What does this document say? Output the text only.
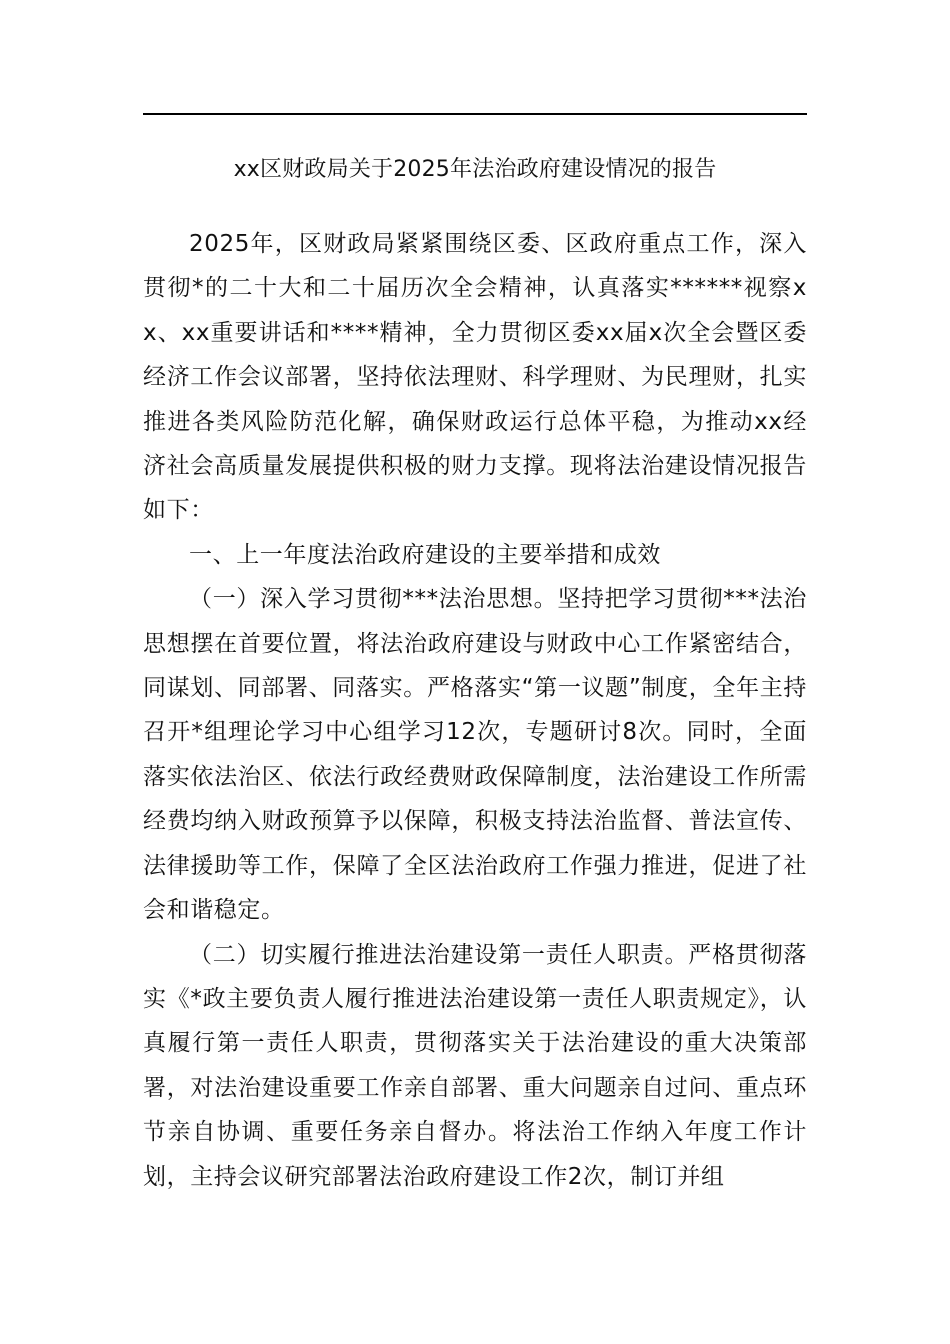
xx区财政局关于2025年法治政府建设情况的报告

2025年，区财政局紧紧围绕区委、区政府重点工作，深入贯彻*的二十大和二十届历次全会精神，认真落实******视察xx、xx重要讲话和****精神，全力贯彻区委xx届x次全会暨区委经济工作会议部署，坚持依法理财、科学理财、为民理财，扎实推进各类风险防范化解，确保财政运行总体平稳，为推动xx经济社会高质量发展提供积极的财力支撑。现将法治建设情况报告如下：

一、上一年度法治政府建设的主要举措和成效

（一）深入学习贯彻***法治思想。坚持把学习贯彻***法治思想摆在首要位置，将法治政府建设与财政中心工作紧密结合，同谋划、同部署、同落实。严格落实“第一议题”制度，全年主持召开*组理论学习中心组学习12次，专题研讨8次。同时，全面落实依法治区、依法行政经费财政保障制度，法治建设工作所需经费均纳入财政预算予以保障，积极支持法治监督、普法宣传、法律援助等工作，保障了全区法治政府工作强力推进，促进了社会和谐稳定。

（二）切实履行推进法治建设第一责任人职责。严格贯彻落实《*政主要负责人履行推进法治建设第一责任人职责规定》，认真履行第一责任人职责，贯彻落实关于法治建设的重大决策部署，对法治建设重要工作亲自部署、重大问题亲自过问、重点环节亲自协调、重要任务亲自督办。将法治工作纳入年度工作计划，主持会议研究部署法治政府建设工作2次，制订并组
